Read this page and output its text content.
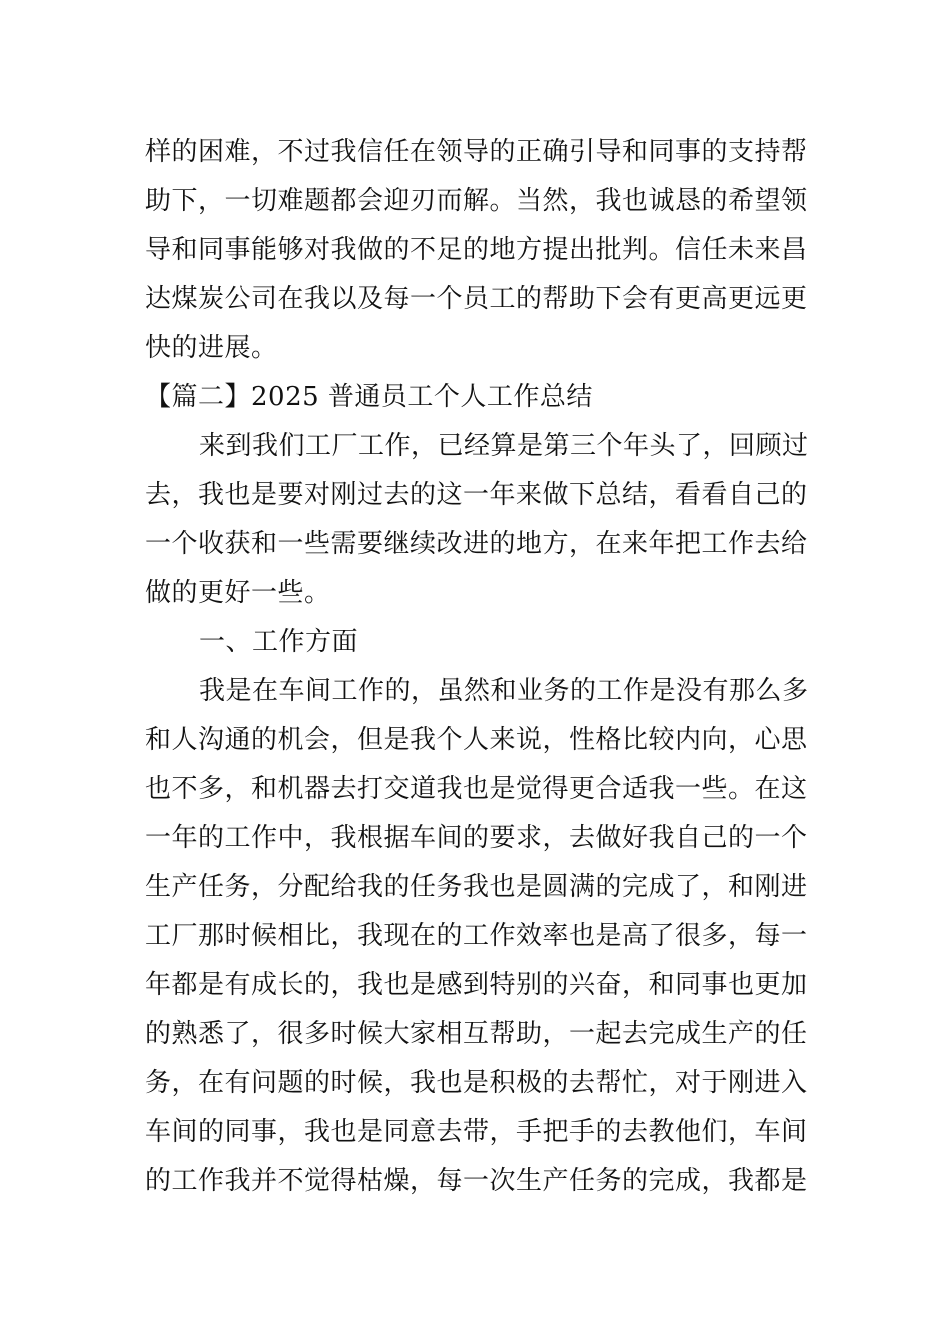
样的困难，不过我信任在领导的正确引导和同事的支持帮
助下，一切难题都会迎刃而解。当然，我也诚恳的希望领
导和同事能够对我做的不足的地方提出批判。信任未来昌
达煤炭公司在我以及每一个员工的帮助下会有更高更远更
快的进展。
【篇二】2025 普通员工个人工作总结
来到我们工厂工作，已经算是第三个年头了，回顾过
去，我也是要对刚过去的这一年来做下总结，看看自己的
一个收获和一些需要继续改进的地方，在来年把工作去给
做的更好一些。
一、工作方面
我是在车间工作的，虽然和业务的工作是没有那么多
和人沟通的机会，但是我个人来说，性格比较内向，心思
也不多，和机器去打交道我也是觉得更合适我一些。在这
一年的工作中，我根据车间的要求，去做好我自己的一个
生产任务，分配给我的任务我也是圆满的完成了，和刚进
工厂那时候相比，我现在的工作效率也是高了很多，每一
年都是有成长的，我也是感到特别的兴奋，和同事也更加
的熟悉了，很多时候大家相互帮助，一起去完成生产的任
务，在有问题的时候，我也是积极的去帮忙，对于刚进入
车间的同事，我也是同意去带，手把手的去教他们，车间
的工作我并不觉得枯燥，每一次生产任务的完成，我都是
